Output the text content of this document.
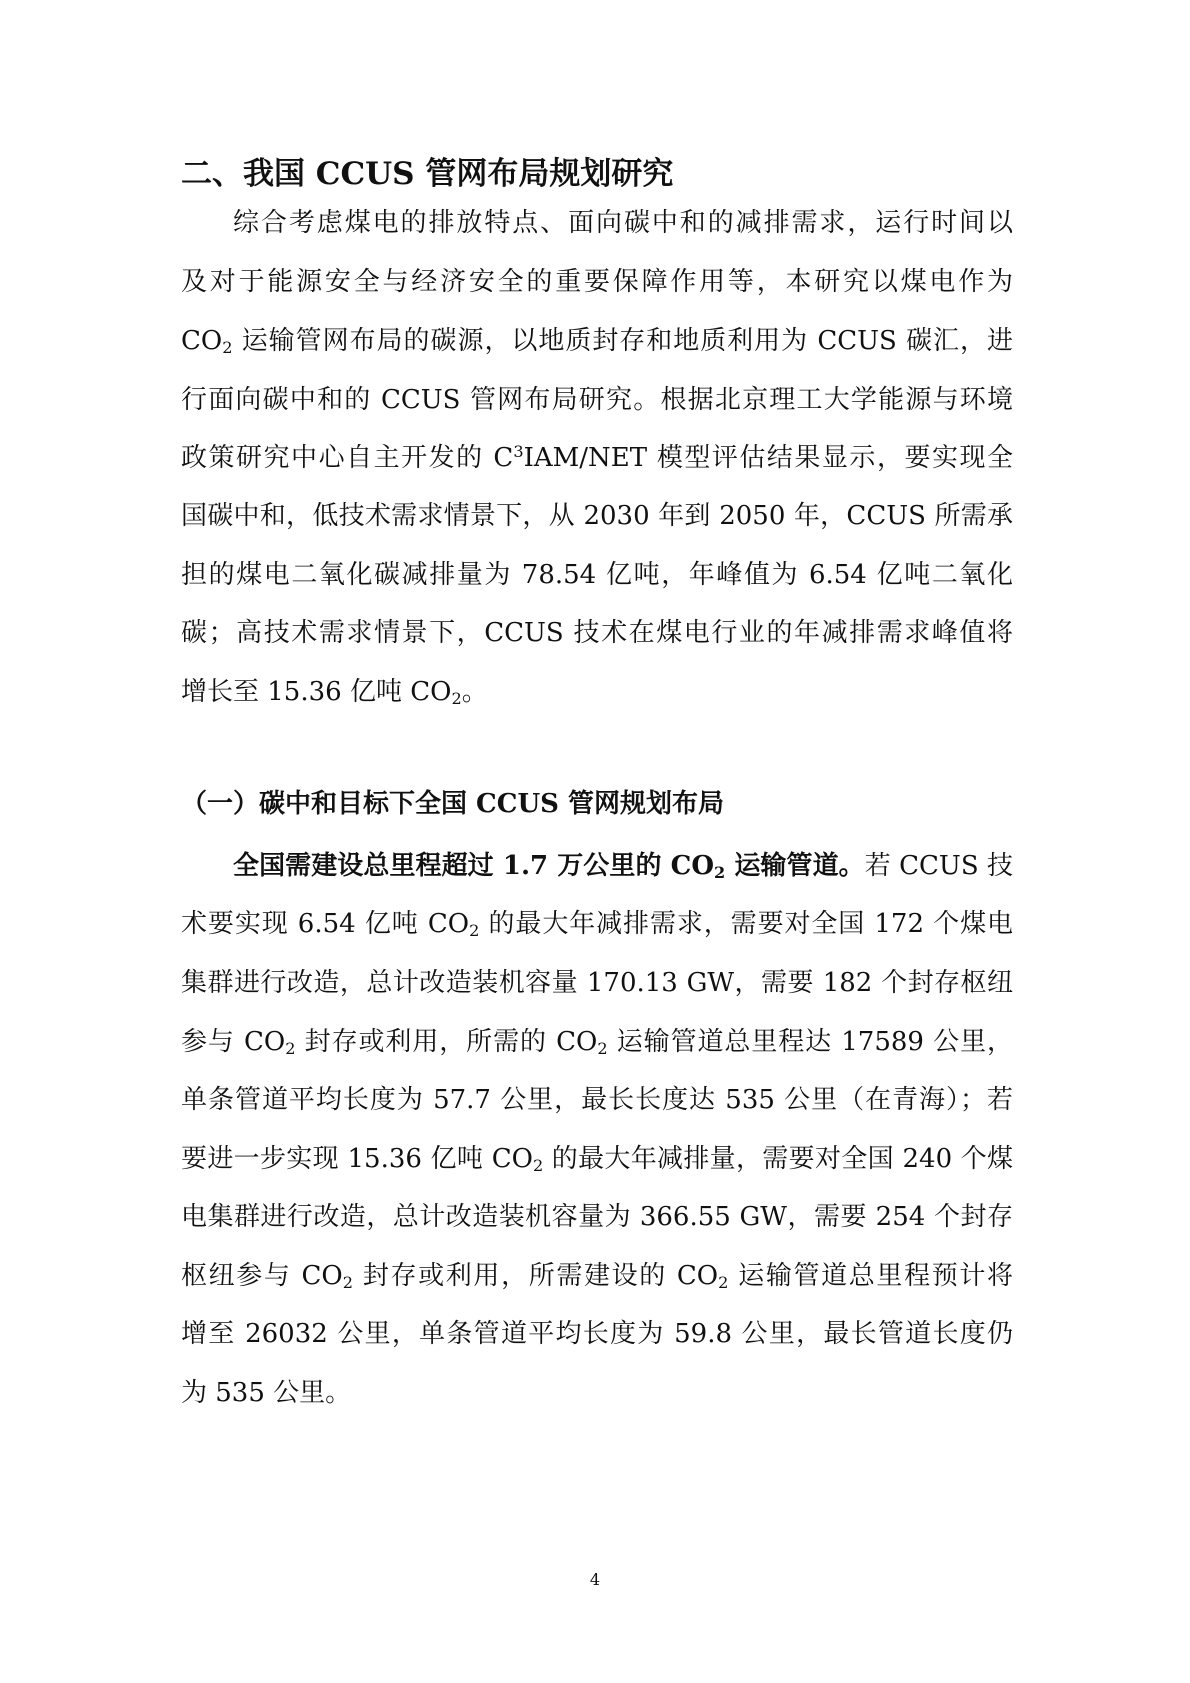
二、我国 CCUS 管网布局规划研究
综合考虑煤电的排放特点、面向碳中和的减排需求，运行时间以
及对于能源安全与经济安全的重要保障作用等，本研究以煤电作为
$CO_2$ 运输管网布局的碳源，以地质封存和地质利用为 CCUS 碳汇，进
行面向碳中和的 CCUS 管网布局研究。根据北京理工大学能源与环境
政策研究中心自主开发的 $C^3IAM$/NET 模型评估结果显示，要实现全
国碳中和，低技术需求情景下，从 2030 年到 2050 年，CCUS 所需承
担的煤电二氧化碳减排量为 78.54 亿吨，年峰值为 6.54 亿吨二氧化
碳；高技术需求情景下，CCUS 技术在煤电行业的年减排需求峰值将
增长至 15.36 亿吨 $CO_2$。
（一）碳中和目标下全国 CCUS 管网规划布局
全国需建设总里程超过 1.7 万公里的 $CO_2$ 运输管道。若 CCUS 技
术要实现 6.54 亿吨 $CO_2$ 的最大年减排需求，需要对全国 172 个煤电
集群进行改造，总计改造装机容量 170.13 GW，需要 182 个封存枢纽
参与 $CO_2$ 封存或利用，所需的 $CO_2$ 运输管道总里程达 17589 公里，
单条管道平均长度为 57.7 公里，最长长度达 535 公里（在青海）；若
要进一步实现 15.36 亿吨 $CO_2$ 的最大年减排量，需要对全国 240 个煤
电集群进行改造，总计改造装机容量为 366.55 GW，需要 254 个封存
枢纽参与 $CO_2$ 封存或利用，所需建设的 $CO_2$ 运输管道总里程预计将
增至 26032 公里，单条管道平均长度为 59.8 公里，最长管道长度仍
为 535 公里。
4
